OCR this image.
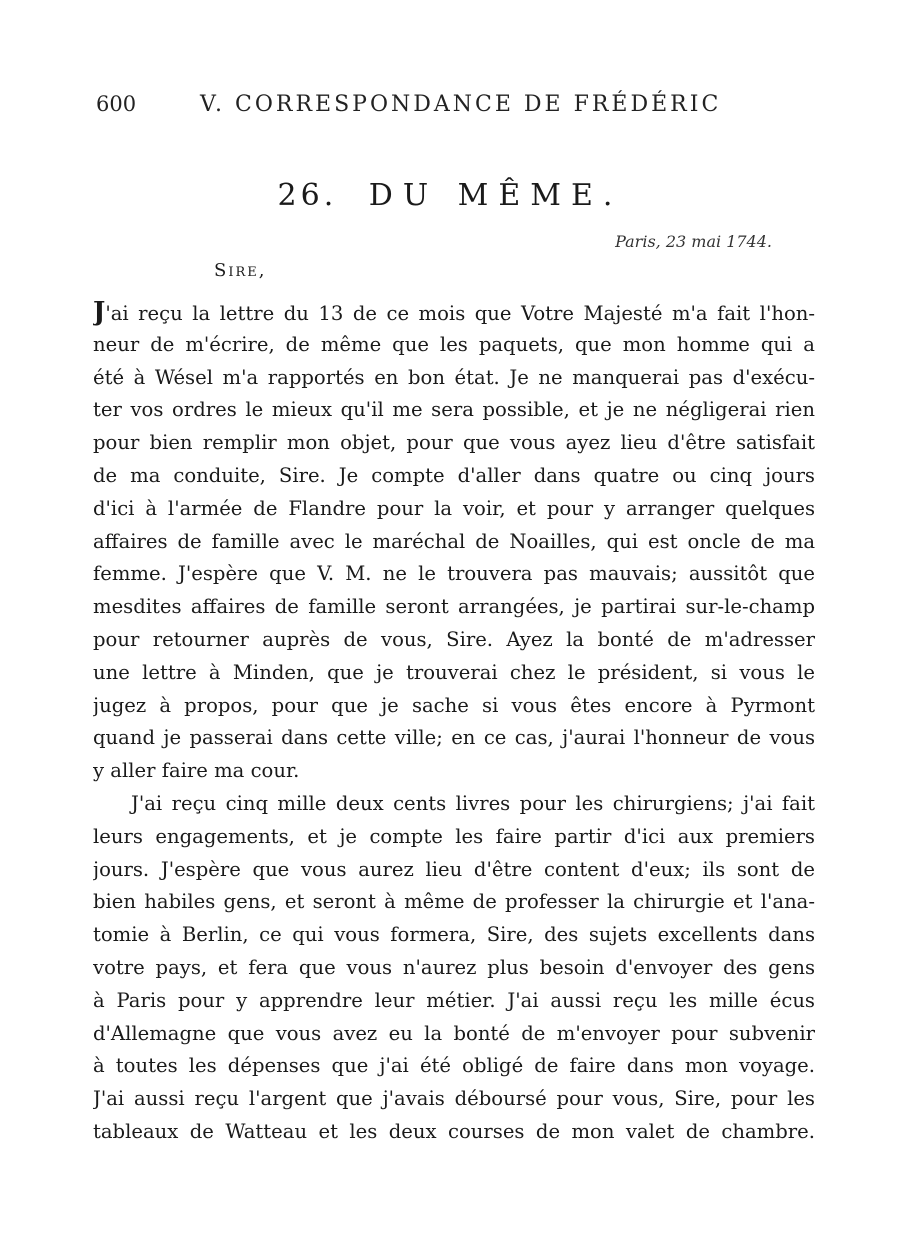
600	V. CORRESPONDANCE DE FRÉDÉRIC
26. DU MÊME.
Paris, 23 mai 1744.
Sire,
J'ai reçu la lettre du 13 de ce mois que Votre Majesté m'a fait l'hon-
neur de m'écrire, de même que les paquets, que mon homme qui a
été à Wésel m'a rapportés en bon état. Je ne manquerai pas d'exécu-
ter vos ordres le mieux qu'il me sera possible, et je ne négligerai rien
pour bien remplir mon objet, pour que vous ayez lieu d'être satisfait
de ma conduite, Sire. Je compte d'aller dans quatre ou cinq jours
d'ici à l'armée de Flandre pour la voir, et pour y arranger quelques
affaires de famille avec le maréchal de Noailles, qui est oncle de ma
femme. J'espère que V. M. ne le trouvera pas mauvais; aussitôt que
mesdites affaires de famille seront arrangées, je partirai sur-le-champ
pour retourner auprès de vous, Sire. Ayez la bonté de m'adresser
une lettre à Minden, que je trouverai chez le président, si vous le
jugez à propos, pour que je sache si vous êtes encore à Pyrmont
quand je passerai dans cette ville; en ce cas, j'aurai l'honneur de vous
y aller faire ma cour.
J'ai reçu cinq mille deux cents livres pour les chirurgiens; j'ai fait
leurs engagements, et je compte les faire partir d'ici aux premiers
jours. J'espère que vous aurez lieu d'être content d'eux; ils sont de
bien habiles gens, et seront à même de professer la chirurgie et l'ana-
tomie à Berlin, ce qui vous formera, Sire, des sujets excellents dans
votre pays, et fera que vous n'aurez plus besoin d'envoyer des gens
à Paris pour y apprendre leur métier. J'ai aussi reçu les mille écus
d'Allemagne que vous avez eu la bonté de m'envoyer pour subvenir
à toutes les dépenses que j'ai été obligé de faire dans mon voyage.
J'ai aussi reçu l'argent que j'avais déboursé pour vous, Sire, pour les
tableaux de Watteau et les deux courses de mon valet de chambre.
